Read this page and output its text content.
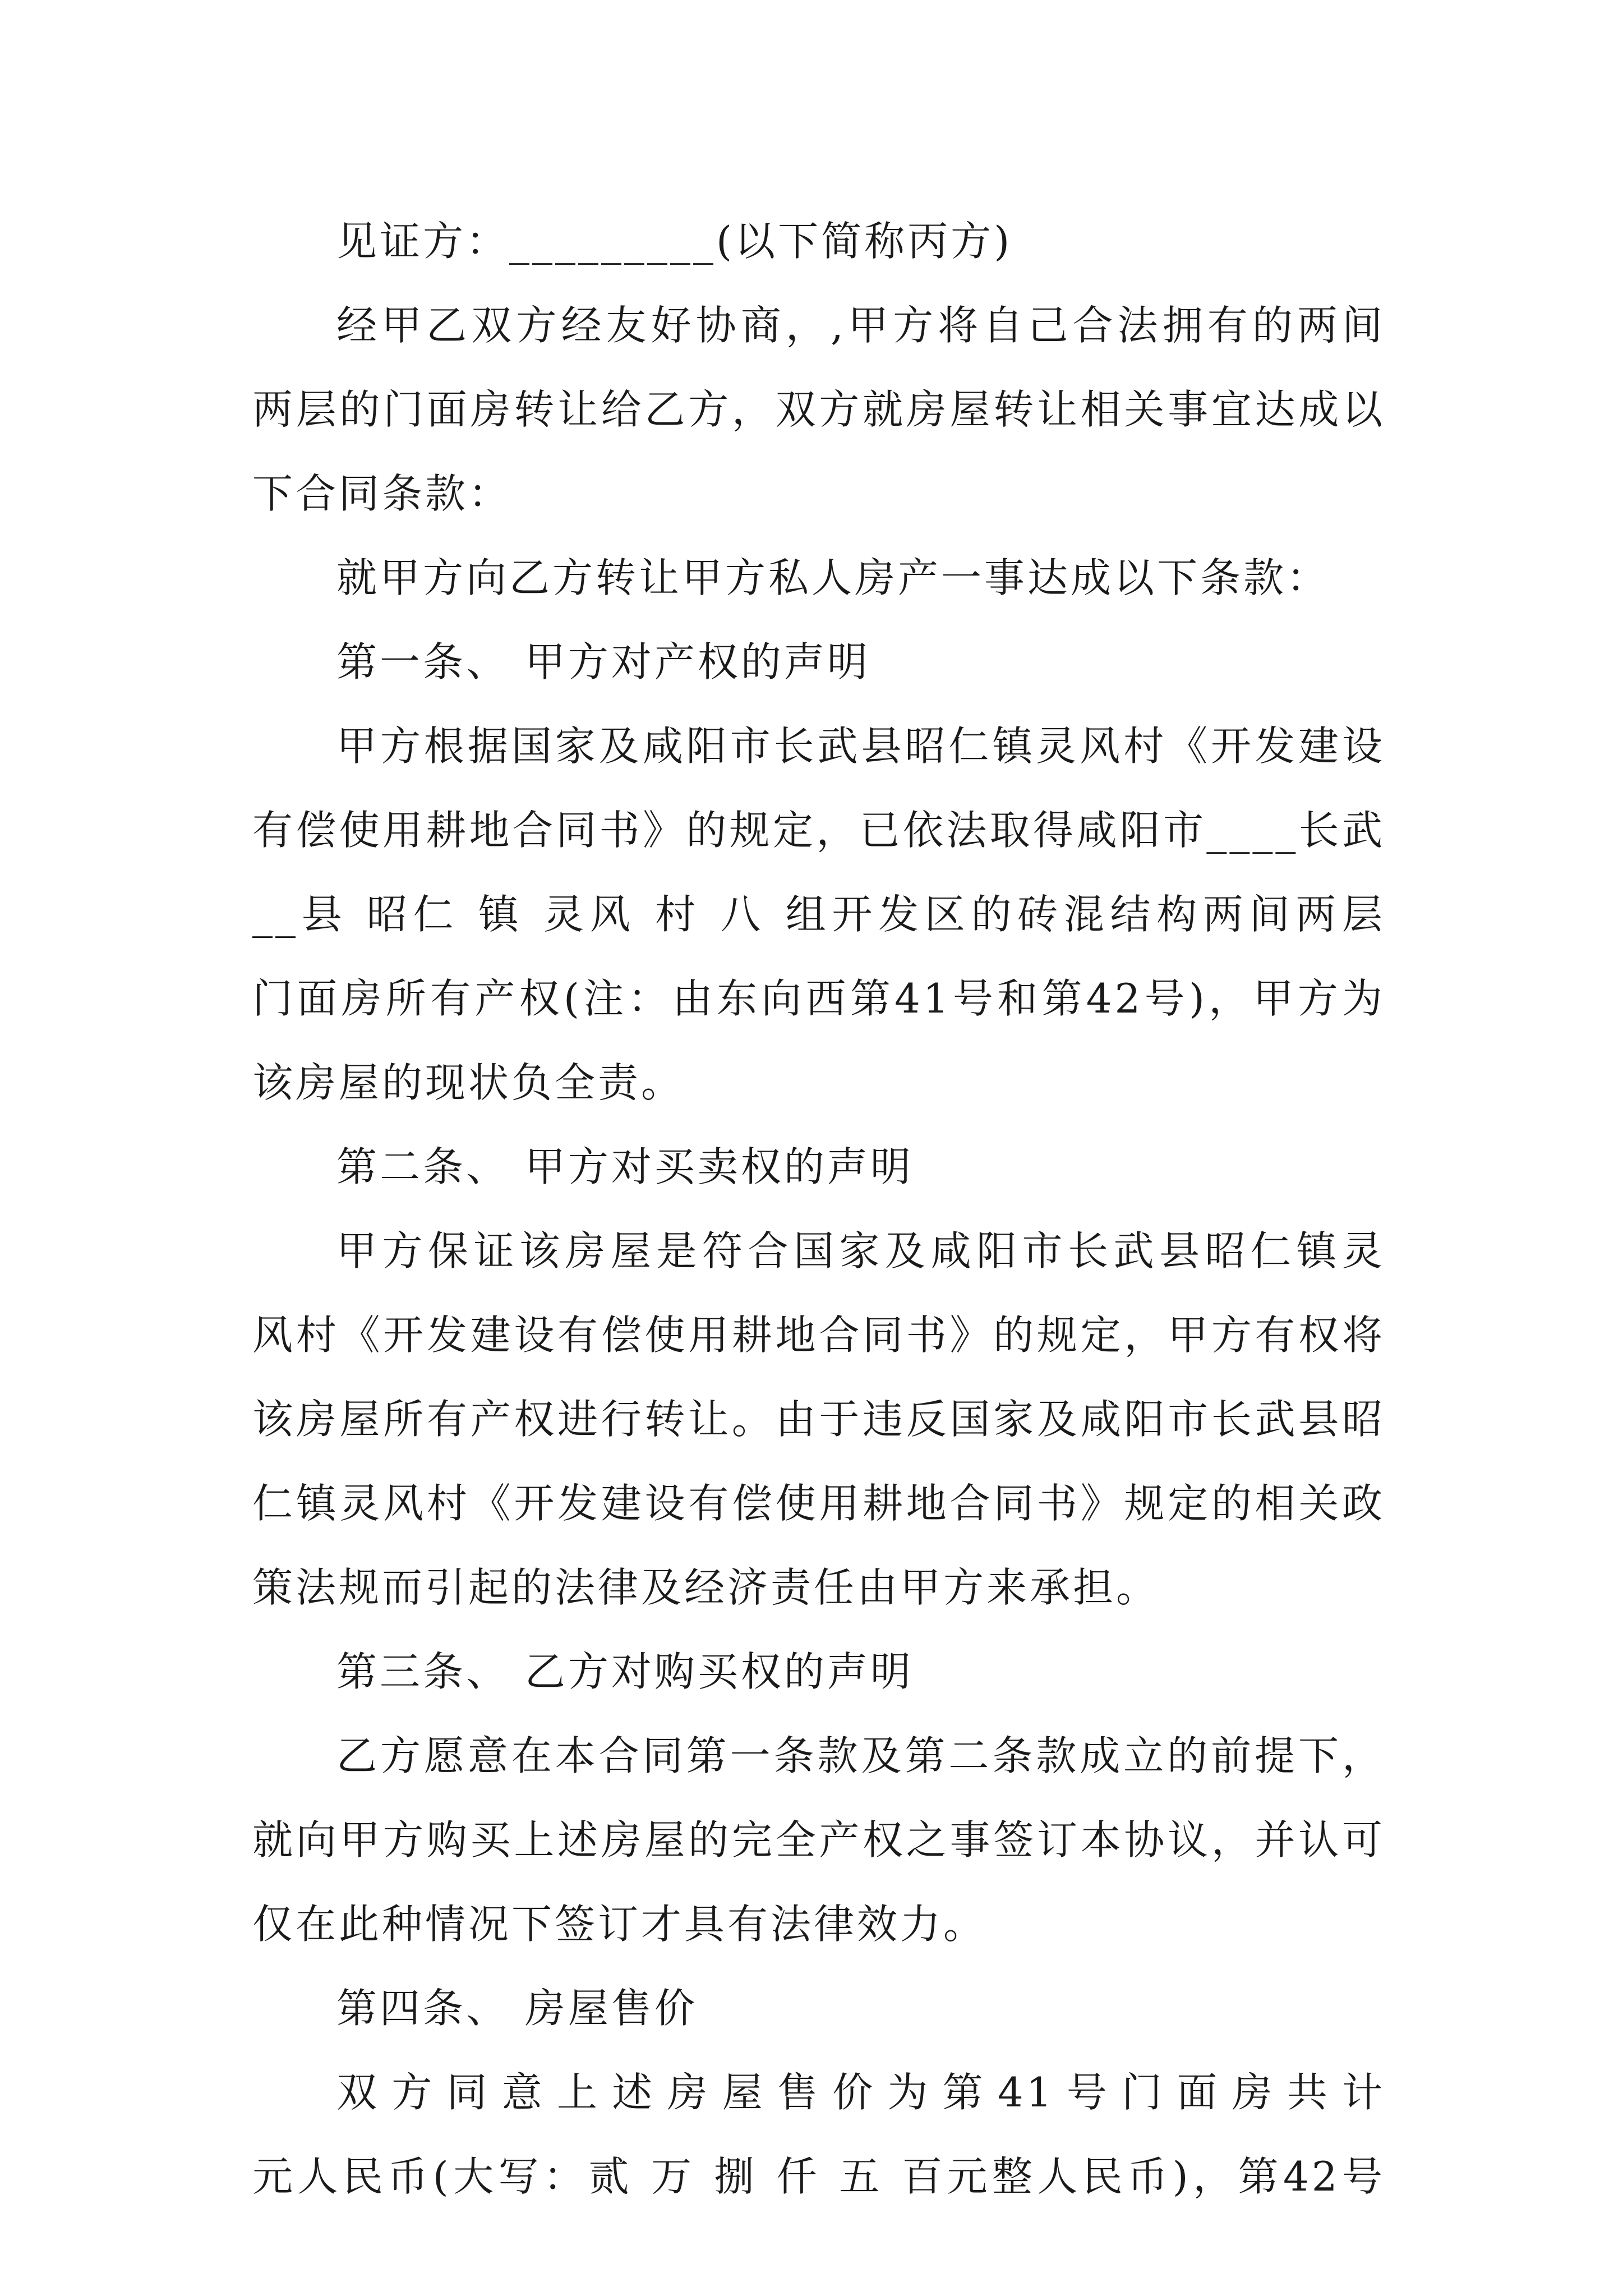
见证方：_________(以下简称丙方)
经甲乙双方经友好协商，,甲方将自己合法拥有的两间
两层的门面房转让给乙方，双方就房屋转让相关事宜达成以
下合同条款：
就甲方向乙方转让甲方私人房产一事达成以下条款：
第一条、 甲方对产权的声明
甲方根据国家及咸阳市长武县昭仁镇灵风村《开发建设
有偿使用耕地合同书》的规定，已依法取得咸阳市____长武
__县 昭仁 镇 灵风 村 八 组开发区的砖混结构两间两层
门面房所有产权(注：由东向西第41号和第42号)，甲方为
该房屋的现状负全责。
第二条、 甲方对买卖权的声明
甲方保证该房屋是符合国家及咸阳市长武县昭仁镇灵
风村《开发建设有偿使用耕地合同书》的规定，甲方有权将
该房屋所有产权进行转让。由于违反国家及咸阳市长武县昭
仁镇灵风村《开发建设有偿使用耕地合同书》规定的相关政
策法规而引起的法律及经济责任由甲方来承担。
第三条、 乙方对购买权的声明
乙方愿意在本合同第一条款及第二条款成立的前提下，
就向甲方购买上述房屋的完全产权之事签订本协议，并认可
仅在此种情况下签订才具有法律效力。
第四条、 房屋售价
双方同意上述房屋售价为第41号门面房共计
元人民币(大写：贰 万 捌 仟 五 百元整人民币)，第42号
